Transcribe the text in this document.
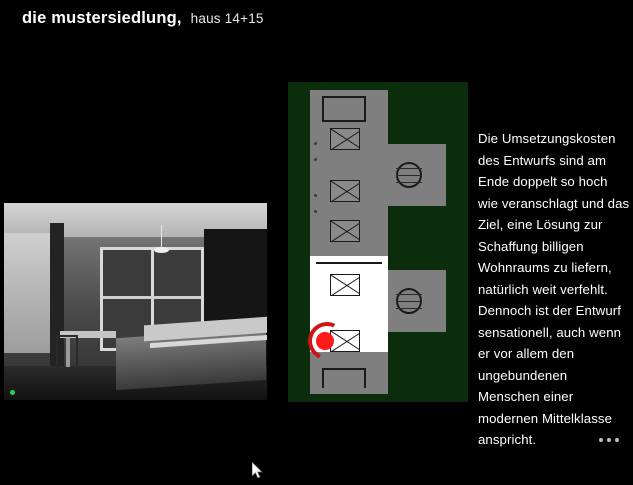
die mustersiedlung, haus 14+15

Die Umsetzungskosten des Entwurfs sind am Ende doppelt so hoch wie veranschlagt und das Ziel, eine Lösung zur Schaffung billigen Wohnraums zu liefern, natürlich weit verfehlt. Dennoch ist der Entwurf sensationell, auch wenn er vor allem den ungebundenen Menschen einer modernen Mittelklasse anspricht.
